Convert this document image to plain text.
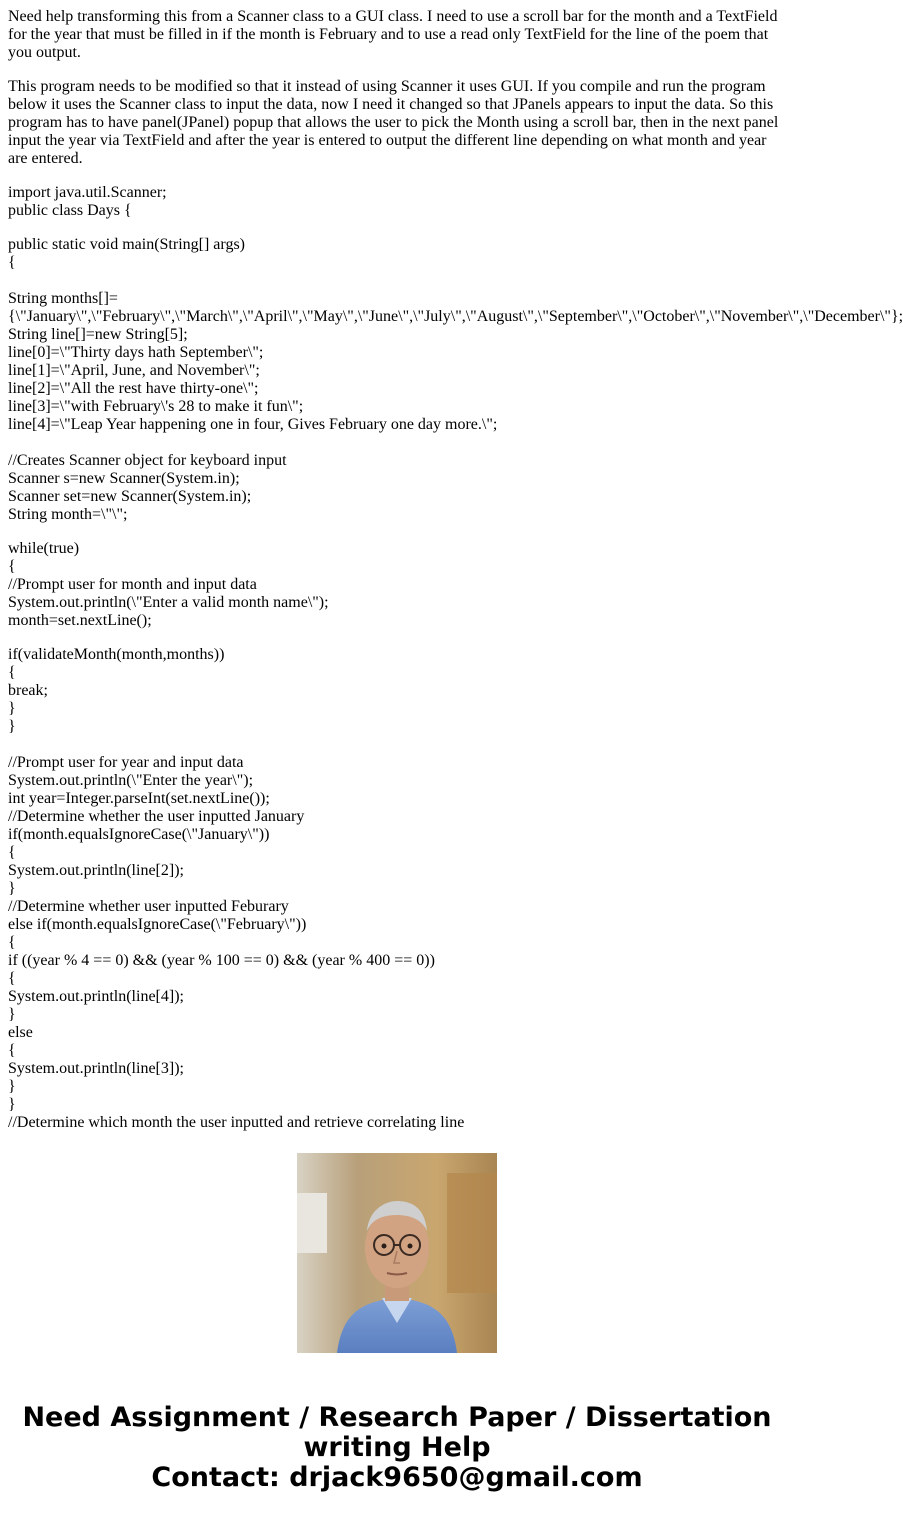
Need help transforming this from a Scanner class to a GUI class. I need to use a scroll bar for the month and a TextField for the year that must be filled in if the month is February and to use a read only TextField for the line of the poem that you output.

This program needs to be modified so that it instead of using Scanner it uses GUI. If you compile and run the program below it uses the Scanner class to input the data, now I need it changed so that JPanels appears to input the data. So this program has to have panel(JPanel) popup that allows the user to pick the Month using a scroll bar, then in the next panel input the year via TextField and after the year is entered to output the different line depending on what month and year are entered.

import java.util.Scanner;
public class Days {
public static void main(String[] args)
{
String months[]=
{\"January\",\"February\",\"March\",\"April\",\"May\",\"June\",\"July\",\"August\",\"September\",\"October\",\"November\",\"December\"};
String line[]=new String[5];
line[0]=\"Thirty days hath September\";
line[1]=\"April, June, and November\";
line[2]=\"All the rest have thirty-one\";
line[3]=\"with February\'s 28 to make it fun\";
line[4]=\"Leap Year happening one in four, Gives February one day more.\";
//Creates Scanner object for keyboard input
Scanner s=new Scanner(System.in);
Scanner set=new Scanner(System.in);
String month=\"\";
while(true)
{
//Prompt user for month and input data
System.out.println(\"Enter a valid month name\");
month=set.nextLine();
if(validateMonth(month,months))
{
break;
}
}
//Prompt user for year and input data
System.out.println(\"Enter the year\");
int year=Integer.parseInt(set.nextLine());
//Determine whether the user inputted January
if(month.equalsIgnoreCase(\"January\"))
{
System.out.println(line[2]);
}
//Determine whether user inputted Feburary
else if(month.equalsIgnoreCase(\"February\"))
{
if ((year % 4 == 0) && (year % 100 == 0) && (year % 400 == 0))
{
System.out.println(line[4]);
}
else
{
System.out.println(line[3]);
}
}
//Determine which month the user inputted and retrieve correlating line
Need Assignment / Research Paper / Dissertation
writing Help
Contact: drjack9650@gmail.com
